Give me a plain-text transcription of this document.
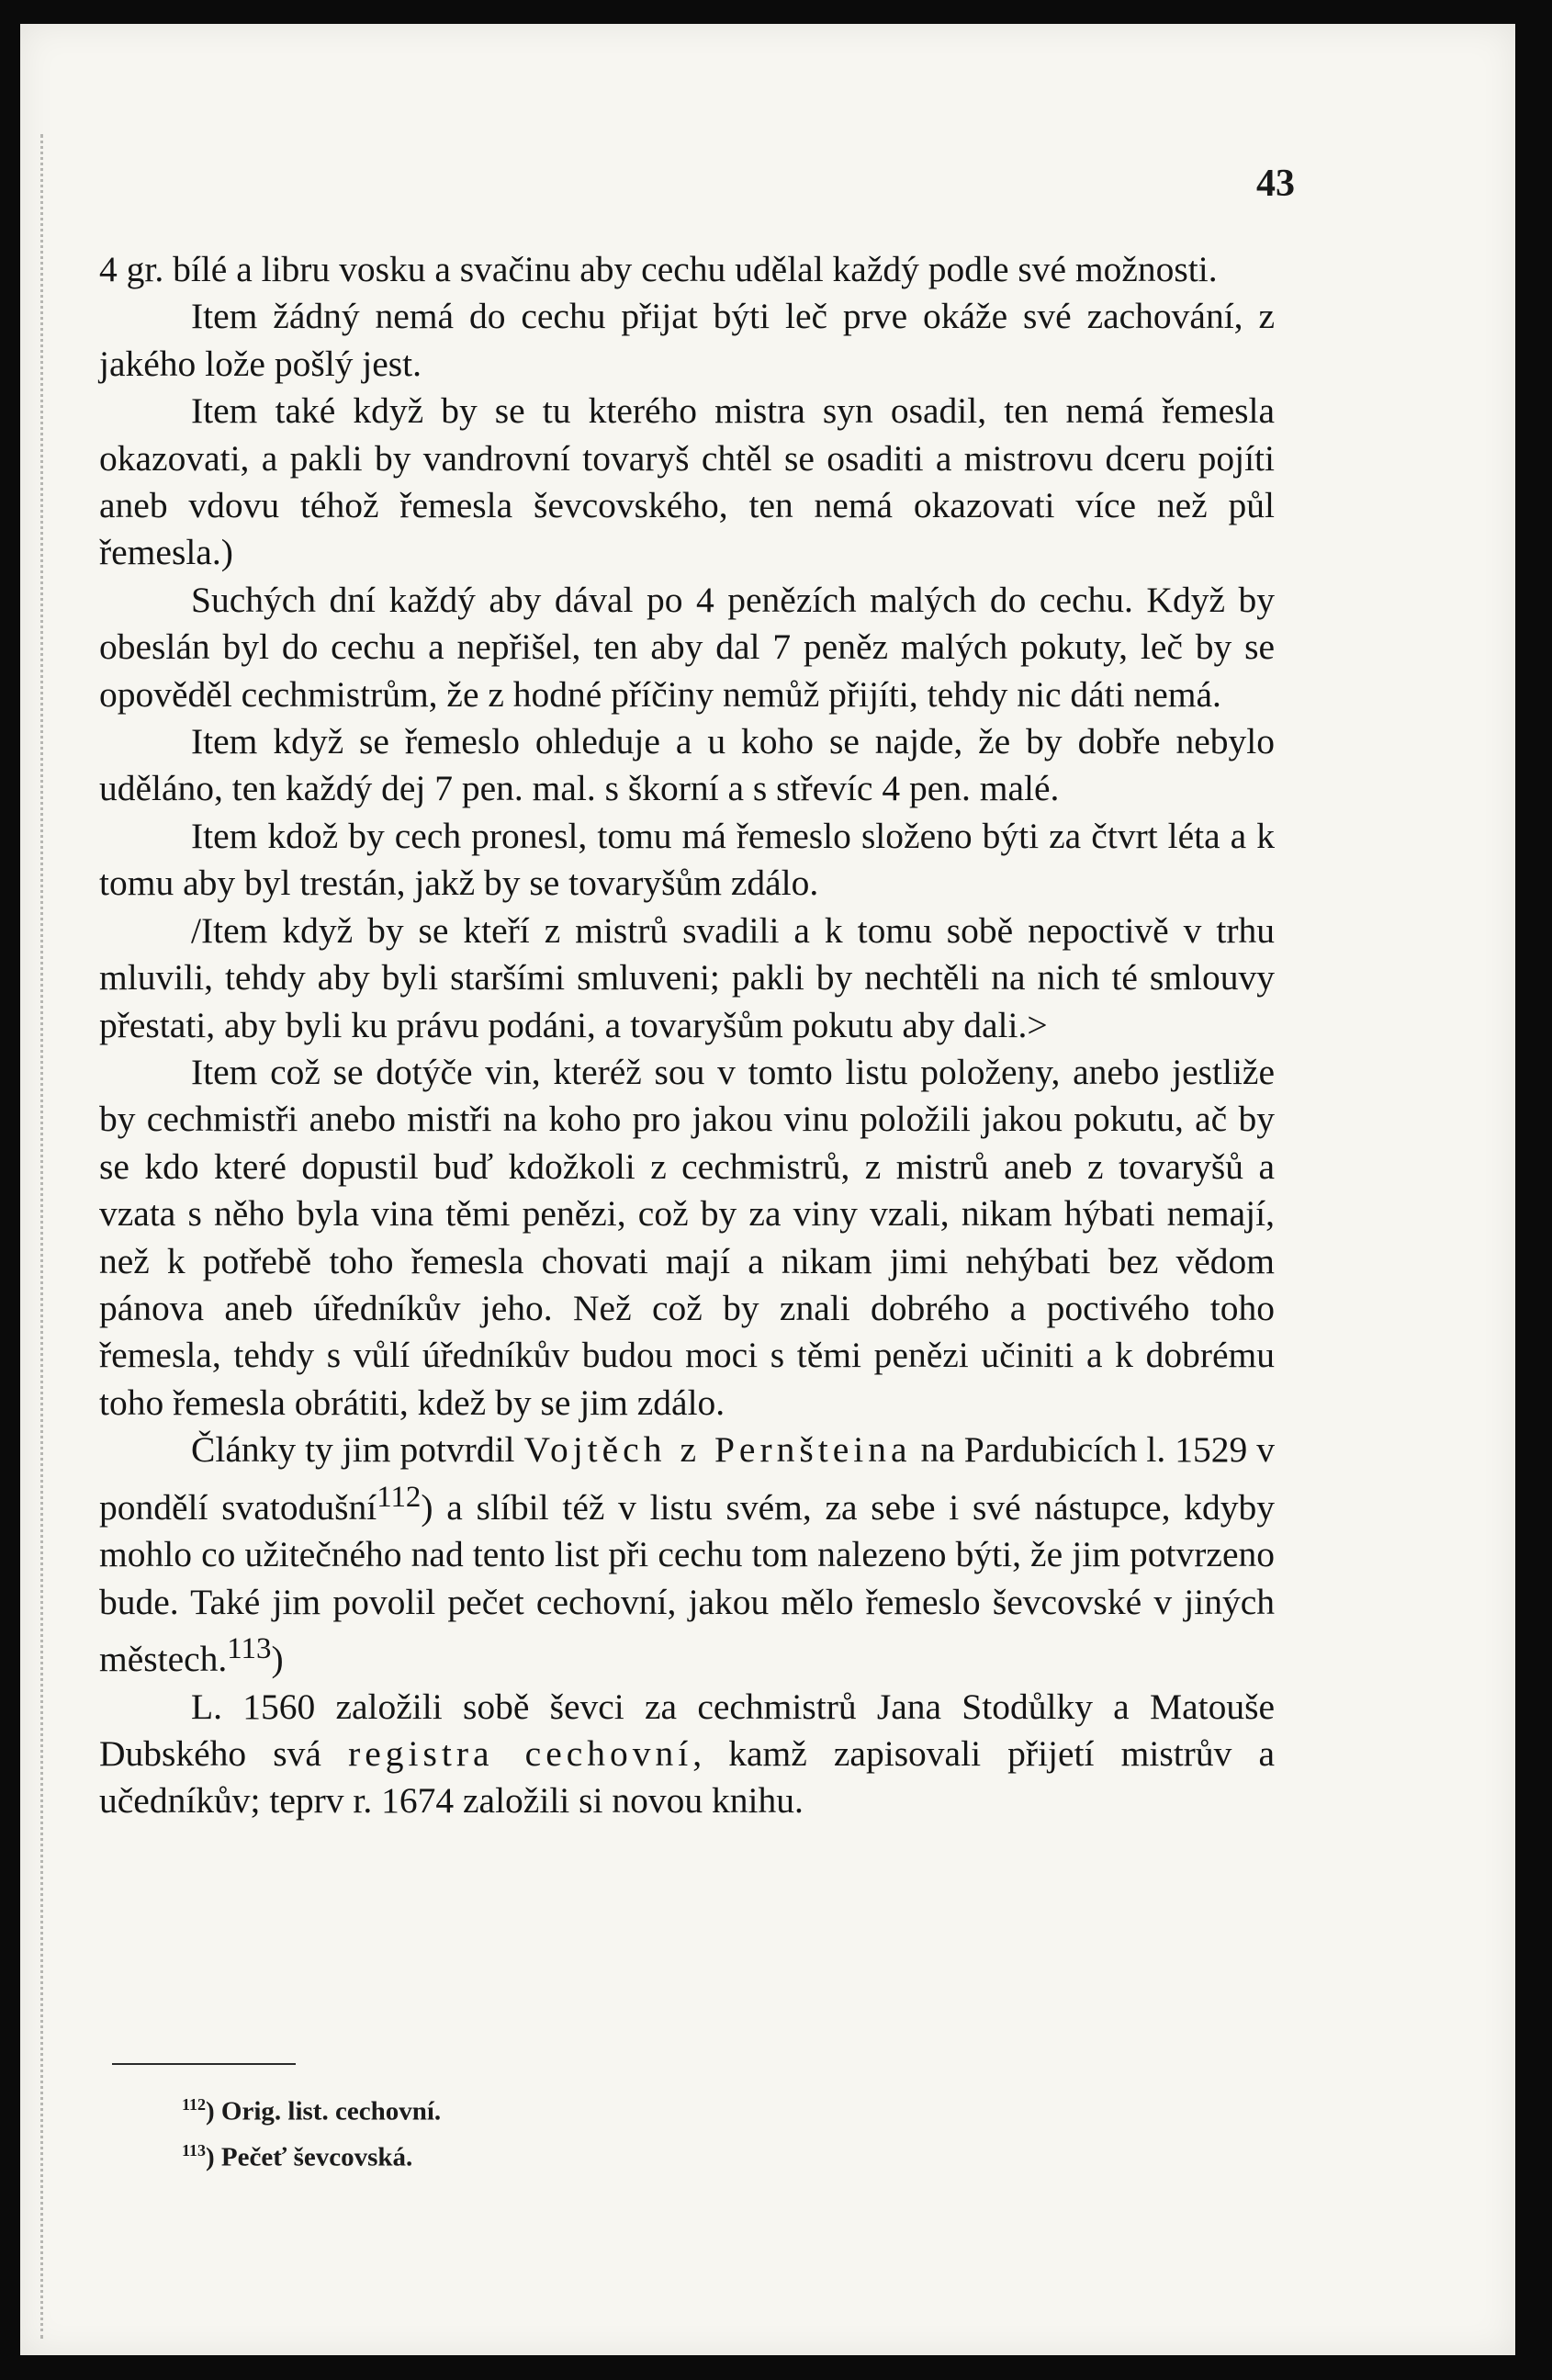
43

4 gr. bílé a libru vosku a svačinu aby cechu udělal každý podle své možnosti.

Item žádný nemá do cechu přijat býti leč prve okáže své zachování, z jakého lože pošlý jest.

Item také když by se tu kterého mistra syn osadil, ten nemá řemesla okazovati, a pakli by vandrovní tovaryš chtěl se osaditi a mistrovu dceru pojíti aneb vdovu téhož řemesla ševcovského, ten nemá okazovati více než půl řemesla.)

Suchých dní každý aby dával po 4 penězích malých do cechu. Když by obeslán byl do cechu a nepřišel, ten aby dal 7 peněz malých pokuty, leč by se opověděl cechmistrům, že z hodné příčiny nemůž přijíti, tehdy nic dáti nemá.

Item když se řemeslo ohleduje a u koho se najde, že by dobře nebylo uděláno, ten každý dej 7 pen. mal. s škorní a s střevíc 4 pen. malé.

Item kdož by cech pronesl, tomu má řemeslo složeno býti za čtvrt léta a k tomu aby byl trestán, jakž by se tovaryšům zdálo.

/Item když by se kteří z mistrů svadili a k tomu sobě nepoctivě v trhu mluvili, tehdy aby byli staršími smluveni; pakli by nechtěli na nich té smlouvy přestati, aby byli ku právu podáni, a tovaryšům pokutu aby dali.>

Item což se dotýče vin, kteréž sou v tomto listu položeny, anebo jestliže by cechmistři anebo mistři na koho pro jakou vinu položili jakou pokutu, ač by se kdo které dopustil buď kdožkoli z cechmistrů, z mistrů aneb z tovaryšů a vzata s něho byla vina těmi penězi, což by za viny vzali, nikam hýbati nemají, než k potřebě toho řemesla chovati mají a nikam jimi nehýbati bez vědom pánova aneb úředníkův jeho. Než což by znali dobrého a poctivého toho řemesla, tehdy s vůlí úředníkův budou moci s těmi penězi učiniti a k dobrému toho řemesla obrátiti, kdež by se jim zdálo.

Články ty jim potvrdil Vojtěch z Pernšteina na Pardubicích l. 1529 v pondělí svatodušní$^{112}$) a slíbil též v listu svém, za sebe i své nástupce, kdyby mohlo co užitečného nad tento list při cechu tom nalezeno býti, že jim potvrzeno bude. Také jim povolil pečet cechovní, jakou mělo řemeslo ševcovské v jiných městech.$^{113}$)

L. 1560 založili sobě ševci za cechmistrů Jana Stodůlky a Matouše Dubského svá registra cechovní, kamž zapisovali přijetí mistrův a učedníkův; teprv r. 1674 založili si novou knihu.

$^{112}$) Orig. list. cechovní.
$^{113}$) Pečeť ševcovská.
